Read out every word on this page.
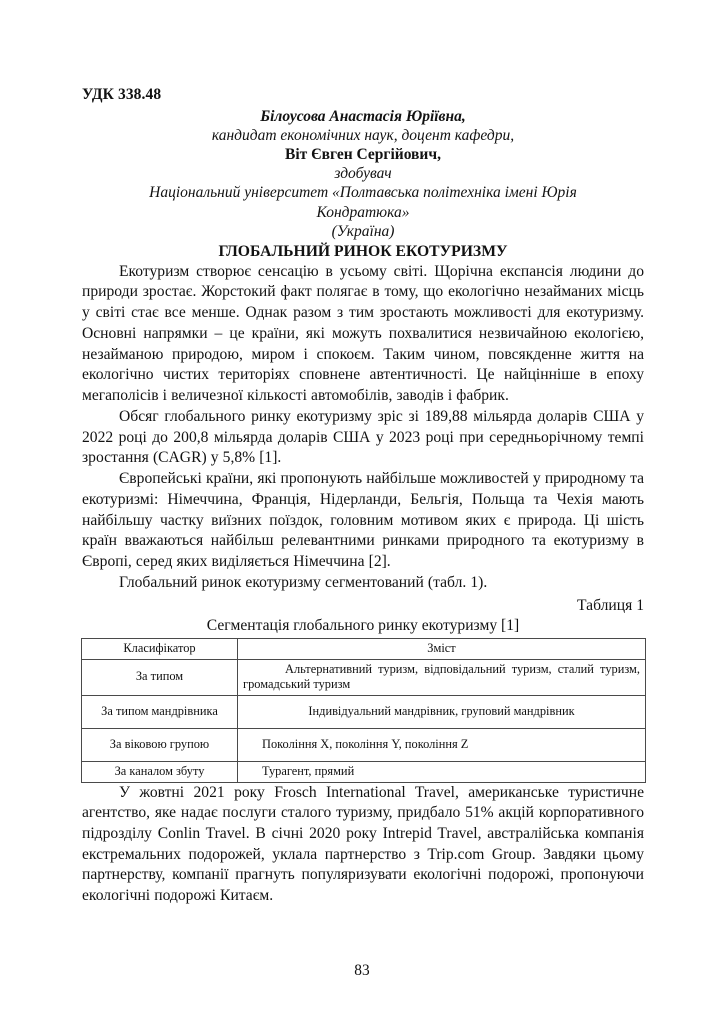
УДК 338.48
Білоусова Анастасія Юріївна,
кандидат економічних наук, доцент кафедри,
Віт Євген Сергійович,
здобувач
Національний університет «Полтавська політехніка імені Юрія
Кондратюка»
(Україна)
ГЛОБАЛЬНИЙ РИНОК ЕКОТУРИЗМУ

Екотуризм створює сенсацію в усьому світі. Щорічна експансія людини до природи зростає. Жорстокий факт полягає в тому, що екологічно незайманих місць у світі стає все менше. Однак разом з тим зростають можливості для екотуризму. Основні напрямки – це країни, які можуть похвалитися незвичайною екологією, незайманою природою, миром і спокоєм. Таким чином, повсякденне життя на екологічно чистих територіях сповнене автентичності. Це найцінніше в епоху мегаполісів і величезної кількості автомобілів, заводів і фабрик.

Обсяг глобального ринку екотуризму зріс зі 189,88 мільярда доларів США у 2022 році до 200,8 мільярда доларів США у 2023 році при середньорічному темпі зростання (CAGR) у 5,8% [1].

Європейські країни, які пропонують найбільше можливостей у природному та екотуризмі: Німеччина, Франція, Нідерланди, Бельгія, Польща та Чехія мають найбільшу частку виїзних поїздок, головним мотивом яких є природа. Ці шість країн вважаються найбільш релевантними ринками природного та екотуризму в Європі, серед яких виділяється Німеччина [2].

Глобальний ринок екотуризму сегментований (табл. 1).

Таблиця 1
Сегментація глобального ринку екотуризму [1]
Класифікатор	Зміст
За типом	Альтернативний туризм, відповідальний туризм, сталий туризм, громадський туризм
За типом мандрівника	Індивідуальний мандрівник, груповий мандрівник
За віковою групою	Покоління X, покоління Y, покоління Z
За каналом збуту	Турагент, прямий

У жовтні 2021 року Frosch International Travel, американське туристичне агентство, яке надає послуги сталого туризму, придбало 51% акцій корпоративного підрозділу Conlin Travel. В січні 2020 року Intrepid Travel, австралійська компанія екстремальних подорожей, уклала партнерство з Trip.com Group. Завдяки цьому партнерству, компанії прагнуть популяризувати екологічні подорожі, пропонуючи екологічні подорожі Китаєм.

83
